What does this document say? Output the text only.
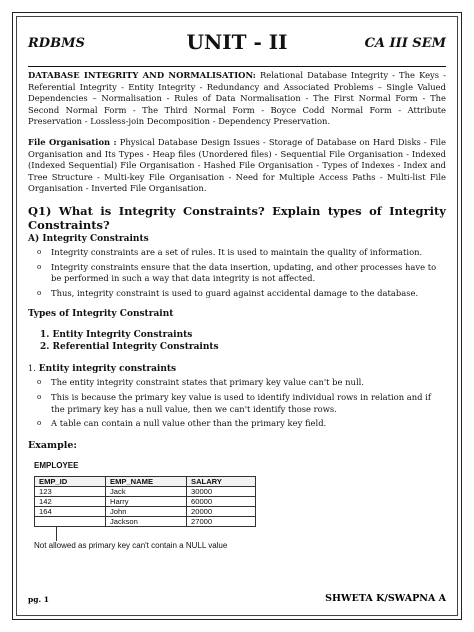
RDBMS	UNIT - II	CA III SEM
DATABASE INTEGRITY AND NORMALISATION: Relational Database Integrity - The Keys - Referential Integrity - Entity Integrity - Redundancy and Associated Problems – Single Valued Dependencies – Normalisation - Rules of Data Normalisation - The First Normal Form - The Second Normal Form - The Third Normal Form - Boyce Codd Normal Form - Attribute Preservation - Lossless-join Decomposition - Dependency Preservation.
File Organisation : Physical Database Design Issues - Storage of Database on Hard Disks - File Organisation and Its Types - Heap files (Unordered files) - Sequential File Organisation - Indexed (Indexed Sequential) File Organisation - Hashed File Organisation - Types of Indexes - Index and Tree Structure - Multi-key File Organisation - Need for Multiple Access Paths - Multi-list File Organisation - Inverted File Organisation.
Q1) What is Integrity Constraints? Explain types of Integrity Constraints?
A) Integrity Constraints
o Integrity constraints are a set of rules. It is used to maintain the quality of information.
o Integrity constraints ensure that the data insertion, updating, and other processes have to be performed in such a way that data integrity is not affected.
o Thus, integrity constraint is used to guard against accidental damage to the database.
Types of Integrity Constraint
1. Entity Integrity Constraints
2. Referential Integrity Constraints
1. Entity integrity constraints
o The entity integrity constraint states that primary key value can't be null.
o This is because the primary key value is used to identify individual rows in relation and if the primary key has a null value, then we can't identify those rows.
o A table can contain a null value other than the primary key field.
Example:
EMPLOYEE
EMP_ID	EMP_NAME	SALARY
123	Jack	30000
142	Harry	60000
164	John	20000
	Jackson	27000
Not allowed as primary key can't contain a NULL value
pg. 1	SHWETA K/SWAPNA A
